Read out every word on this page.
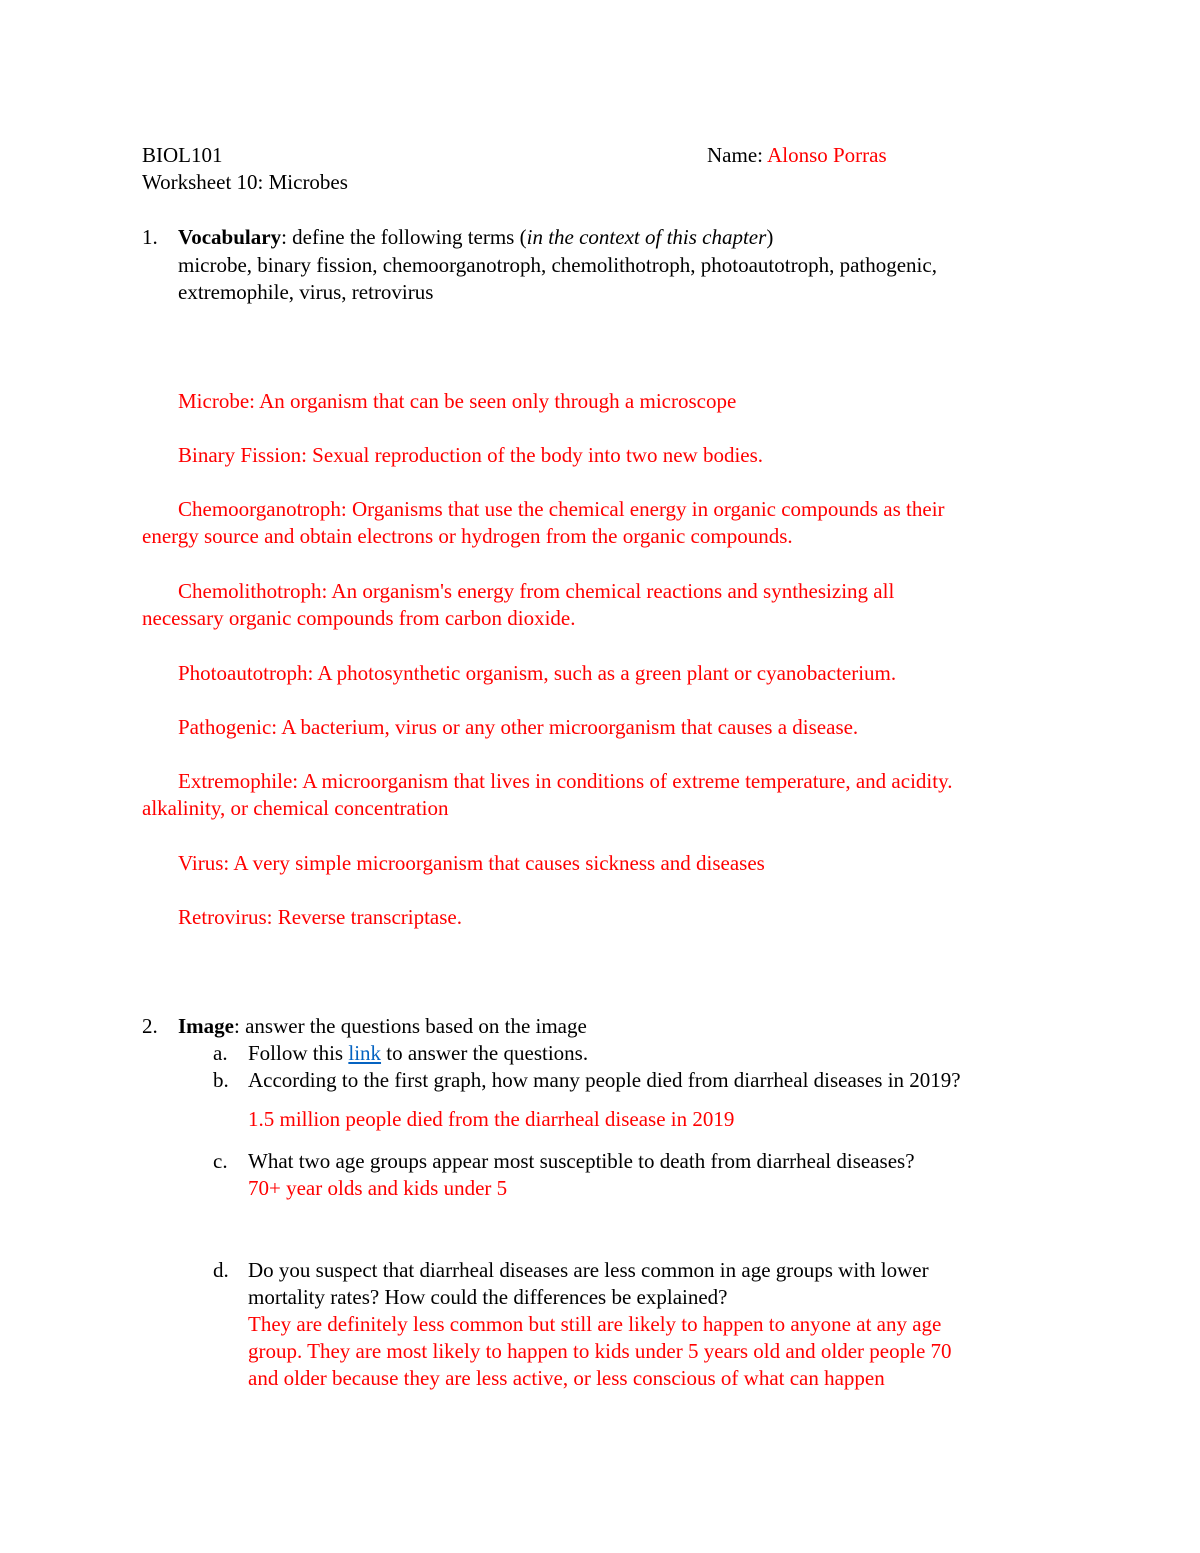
BIOL101	Name: Alonso Porras
Worksheet 10: Microbes
1. Vocabulary: define the following terms (in the context of this chapter)
microbe, binary fission, chemoorganotroph, chemolithotroph, photoautotroph, pathogenic,
extremophile, virus, retrovirus
Microbe: An organism that can be seen only through a microscope
Binary Fission: Sexual reproduction of the body into two new bodies.
Chemoorganotroph: Organisms that use the chemical energy in organic compounds as their
energy source and obtain electrons or hydrogen from the organic compounds.
Chemolithotroph: An organism's energy from chemical reactions and synthesizing all
necessary organic compounds from carbon dioxide.
Photoautotroph: A photosynthetic organism, such as a green plant or cyanobacterium.
Pathogenic: A bacterium, virus or any other microorganism that causes a disease.
Extremophile: A microorganism that lives in conditions of extreme temperature, and acidity.
alkalinity, or chemical concentration
Virus: A very simple microorganism that causes sickness and diseases
Retrovirus: Reverse transcriptase.
2. Image: answer the questions based on the image
a. Follow this link to answer the questions.
b. According to the first graph, how many people died from diarrheal diseases in 2019?
1.5 million people died from the diarrheal disease in 2019
c. What two age groups appear most susceptible to death from diarrheal diseases?
70+ year olds and kids under 5
d. Do you suspect that diarrheal diseases are less common in age groups with lower
mortality rates? How could the differences be explained?
They are definitely less common but still are likely to happen to anyone at any age
group. They are most likely to happen to kids under 5 years old and older people 70
and older because they are less active, or less conscious of what can happen
